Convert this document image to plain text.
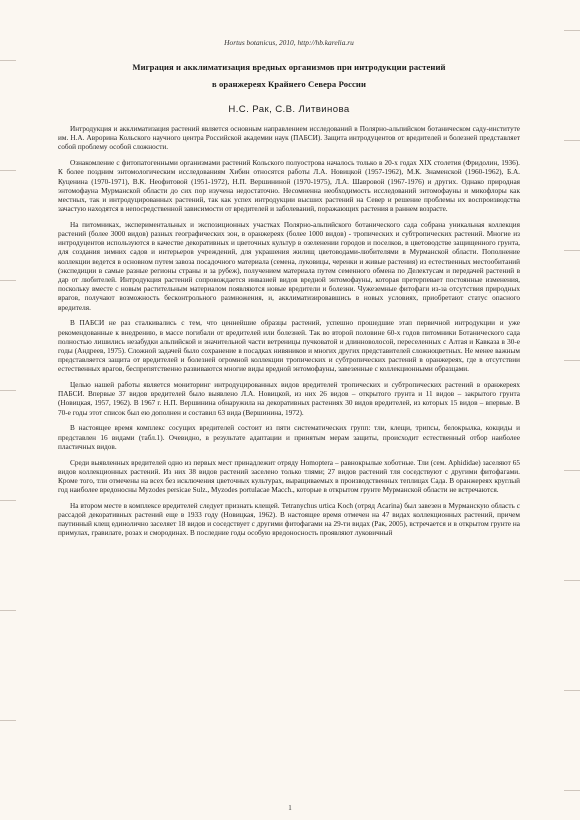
Hortus botanicus, 2010, http://hb.karelia.ru
Миграция и акклиматизация вредных организмов при интродукции растений
в оранжереях Крайнего Севера России
Н.С. Рак, С.В. Литвинова

Интродукция и акклиматизация растений является основным направлением исследований в Полярно-альпийском ботаническом саду-институте им. Н.А. Аврорина Кольского научного центра Российской академии наук (ПАБСИ). Защита интродуцентов от вредителей и болезней представляет собой проблему особой сложности.

Ознакомление с фитопатогенными организмами растений Кольского полуострова началось только в 20-х годах XIX столетия (Фридолин, 1936). К более поздним энтомологическим исследованиям Хибин относятся работы Л.А. Новицкой (1957-1962), М.К. Знаменской (1960-1962), Б.А. Куценина (1970-1971), В.К. Неофитовой (1951-1972), Н.П. Вершининой (1970-1975), Л.А. Шавровой (1967-1976) и других. Однако природная энтомофауна Мурманской области до сих пор изучена недостаточно. Несомненна необходимость исследований энтомофауны и микофлоры как местных, так и интродуцированных растений, так как успех интродукции высших растений на Север и решение проблемы их воспроизводства зачастую находятся в непосредственной зависимости от вредителей и заболеваний, поражающих растения в раннем возрасте.

На питомниках, экспериментальных и экспозиционных участках Полярно-альпийского ботанического сада собрана уникальная коллекция растений (более 3000 видов) разных географических зон, в оранжереях (более 1000 видов) - тропических и субтропических растений. Многие из интродуцентов используются в качестве декоративных и цветочных культур в озеленении городов и поселков, в цветоводстве защищенного грунта, для создания зимних садов и интерьеров учреждений, для украшения жилищ цветоводами-любителями в Мурманской области. Пополнение коллекции ведется в основном путем завоза посадочного материала (семена, луковицы, черенки и живые растения) из естественных местообитаний (экспедиции в самые разные регионы страны и за рубеж), получением материала путем семенного обмена по Делектусам и передачей растений в дар от любителей. Интродукция растений сопровождается инвазией видов вредной энтомофауны, которая претерпевает постоянные изменения, поскольку вместе с новым растительным материалом появляются новые вредители и болезни. Чужеземные фитофаги из-за отсутствия природных врагов, получают возможность бесконтрольного размножения, и, акклиматизировавшись в новых условиях, приобретают статус опасного вредителя.

В ПАБСИ не раз сталкивались с тем, что ценнейшие образцы растений, успешно прошедшие этап первичной интродукции и уже рекомендованные к внедрению, в массе погибали от вредителей или болезней. Так во второй половине 60-х годов питомники Ботанического сада полностью лишились незабудки альпийской и значительной части ветреницы пучковатой и длинноволосой, переселенных с Алтая и Кавказа в 30-е годы (Андреев, 1975). Сложной задачей было сохранение в посадках нивяников и многих других представителей сложноцветных. Не менее важным представляется защита от вредителей и болезней огромной коллекции тропических и субтропических растений в оранжереях, где в отсутствии естественных врагов, беспрепятственно развиваются многие виды вредной энтомофауны, завезенные с коллекционными образцами.

Целью нашей работы является мониторинг интродуцированных видов вредителей тропических и субтропических растений в оранжереях ПАБСИ. Впервые 37 видов вредителей было выявлено Л.А. Новицкой, из них 26 видов – открытого грунта и 11 видов – закрытого грунта (Новицкая, 1957, 1962). В 1967 г. Н.П. Вершинина обнаружила на декоративных растениях 30 видов вредителей, из которых 15 видов – впервые. В 70-е годы этот список был ею дополнен и составил 63 вида (Вершинина, 1972).

В настоящее время комплекс сосущих вредителей состоит из пяти систематических групп: тли, клещи, трипсы, белокрылка, кокциды и представлен 16 видами (табл.1). Очевидно, в результате адаптации и принятым мерам защиты, происходит естественный отбор наиболее пластичных видов.

Среди выявленных вредителей одно из первых мест принадлежит отряду Homoptera – равнокрылые хоботные. Тли (сем. Aphididae) заселяют 65 видов коллекционных растений. Из них 38 видов растений заселено только тлями; 27 видов растений тля соседствуют с другими фитофагами. Кроме того, тли отмечены на всех без исключения цветочных культурах, выращиваемых в производственных теплицах Сада. В оранжереях круглый год наиболее вредоносны Myzodes persicae Sulz., Myzodes portulacae Macch., которые в открытом грунте Мурманской области не встречаются.

На втором месте в комплексе вредителей следует признать клещей. Tetranychus urtica Koch (отряд Acarina) был завезен в Мурманскую область с рассадой декоративных растений еще в 1933 году (Новицкая, 1962). В настоящее время отмечен на 47 видах коллекционных растений, причем паутинный клещ единолично заселяет 18 видов и соседствует с другими фитофагами на 29-ти видах (Рак, 2005), встречается и в открытом грунте на примулах, гравилате, розах и смородинах. В последние годы особую вредоносность проявляют луковичный

1
